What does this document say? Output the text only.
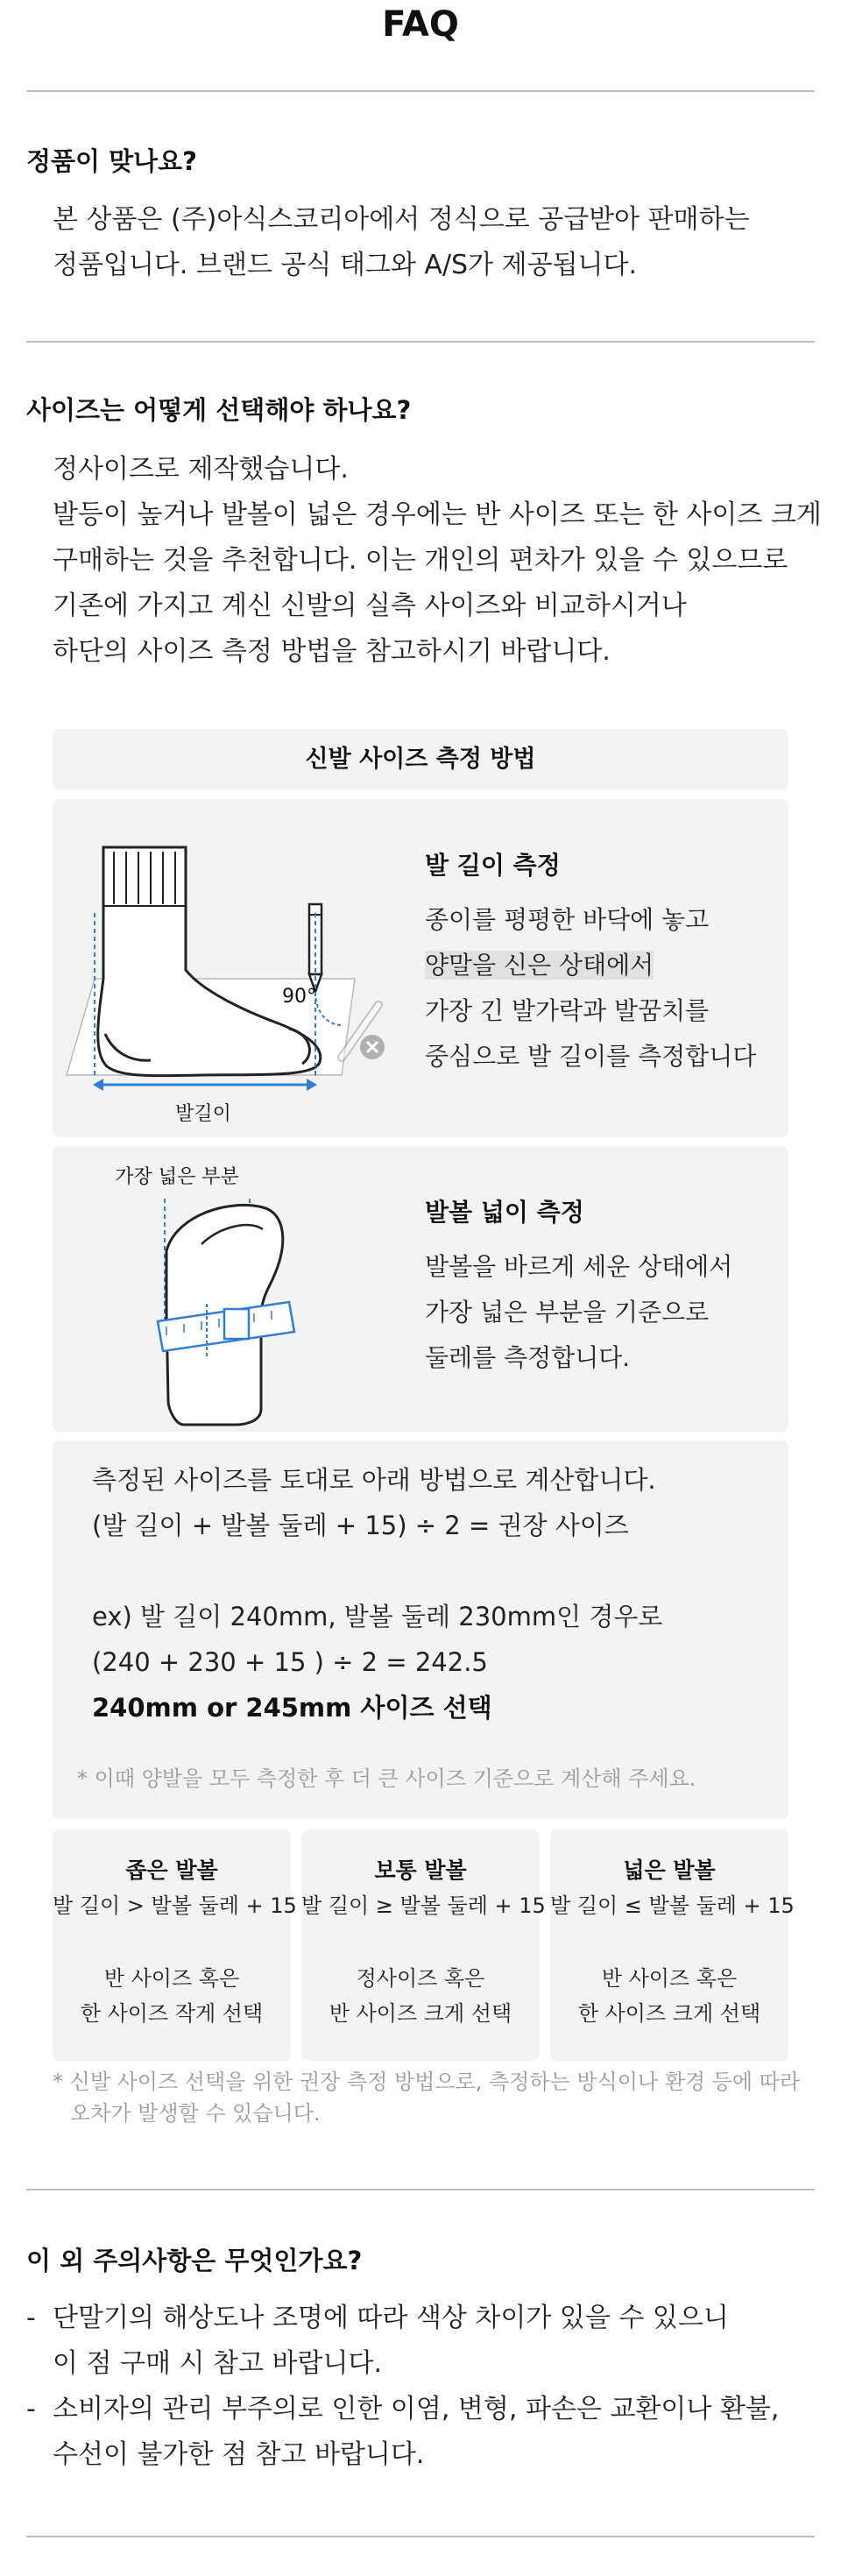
FAQ
정품이 맞나요?
본 상품은 (주)아식스코리아에서 정식으로 공급받아 판매하는
정품입니다. 브랜드 공식 태그와 A/S가 제공됩니다.
사이즈는 어떻게 선택해야 하나요?
정사이즈로 제작했습니다.
발등이 높거나 발볼이 넓은 경우에는 반 사이즈 또는 한 사이즈 크게
구매하는 것을 추천합니다. 이는 개인의 편차가 있을 수 있으므로
기존에 가지고 계신 신발의 실측 사이즈와 비교하시거나
하단의 사이즈 측정 방법을 참고하시기 바랍니다.
신발 사이즈 측정 방법
90°
발길이
발 길이 측정
종이를 평평한 바닥에 놓고
양말을 신은 상태에서
가장 긴 발가락과 발꿈치를
중심으로 발 길이를 측정합니다
가장 넓은 부분
발볼 넓이 측정
발볼을 바르게 세운 상태에서
가장 넓은 부분을 기준으로
둘레를 측정합니다.
측정된 사이즈를 토대로 아래 방법으로 계산합니다.
(발 길이 + 발볼 둘레 + 15) ÷ 2 = 권장 사이즈
ex) 발 길이 240mm, 발볼 둘레 230mm인 경우로
(240 + 230 + 15 ) ÷ 2 = 242.5
240mm or 245mm 사이즈 선택
* 이때 양발을 모두 측정한 후 더 큰 사이즈 기준으로 계산해 주세요.
좁은 발볼
발 길이 > 발볼 둘레 + 15
반 사이즈 혹은
한 사이즈 작게 선택
보통 발볼
발 길이 ≥ 발볼 둘레 + 15
정사이즈 혹은
반 사이즈 크게 선택
넓은 발볼
발 길이 ≤ 발볼 둘레 + 15
반 사이즈 혹은
한 사이즈 크게 선택
* 신발 사이즈 선택을 위한 권장 측정 방법으로, 측정하는 방식이나 환경 등에 따라
오차가 발생할 수 있습니다.
이 외 주의사항은 무엇인가요?
- 단말기의 해상도나 조명에 따라 색상 차이가 있을 수 있으니
이 점 구매 시 참고 바랍니다.
- 소비자의 관리 부주의로 인한 이염, 변형, 파손은 교환이나 환불,
수선이 불가한 점 참고 바랍니다.
